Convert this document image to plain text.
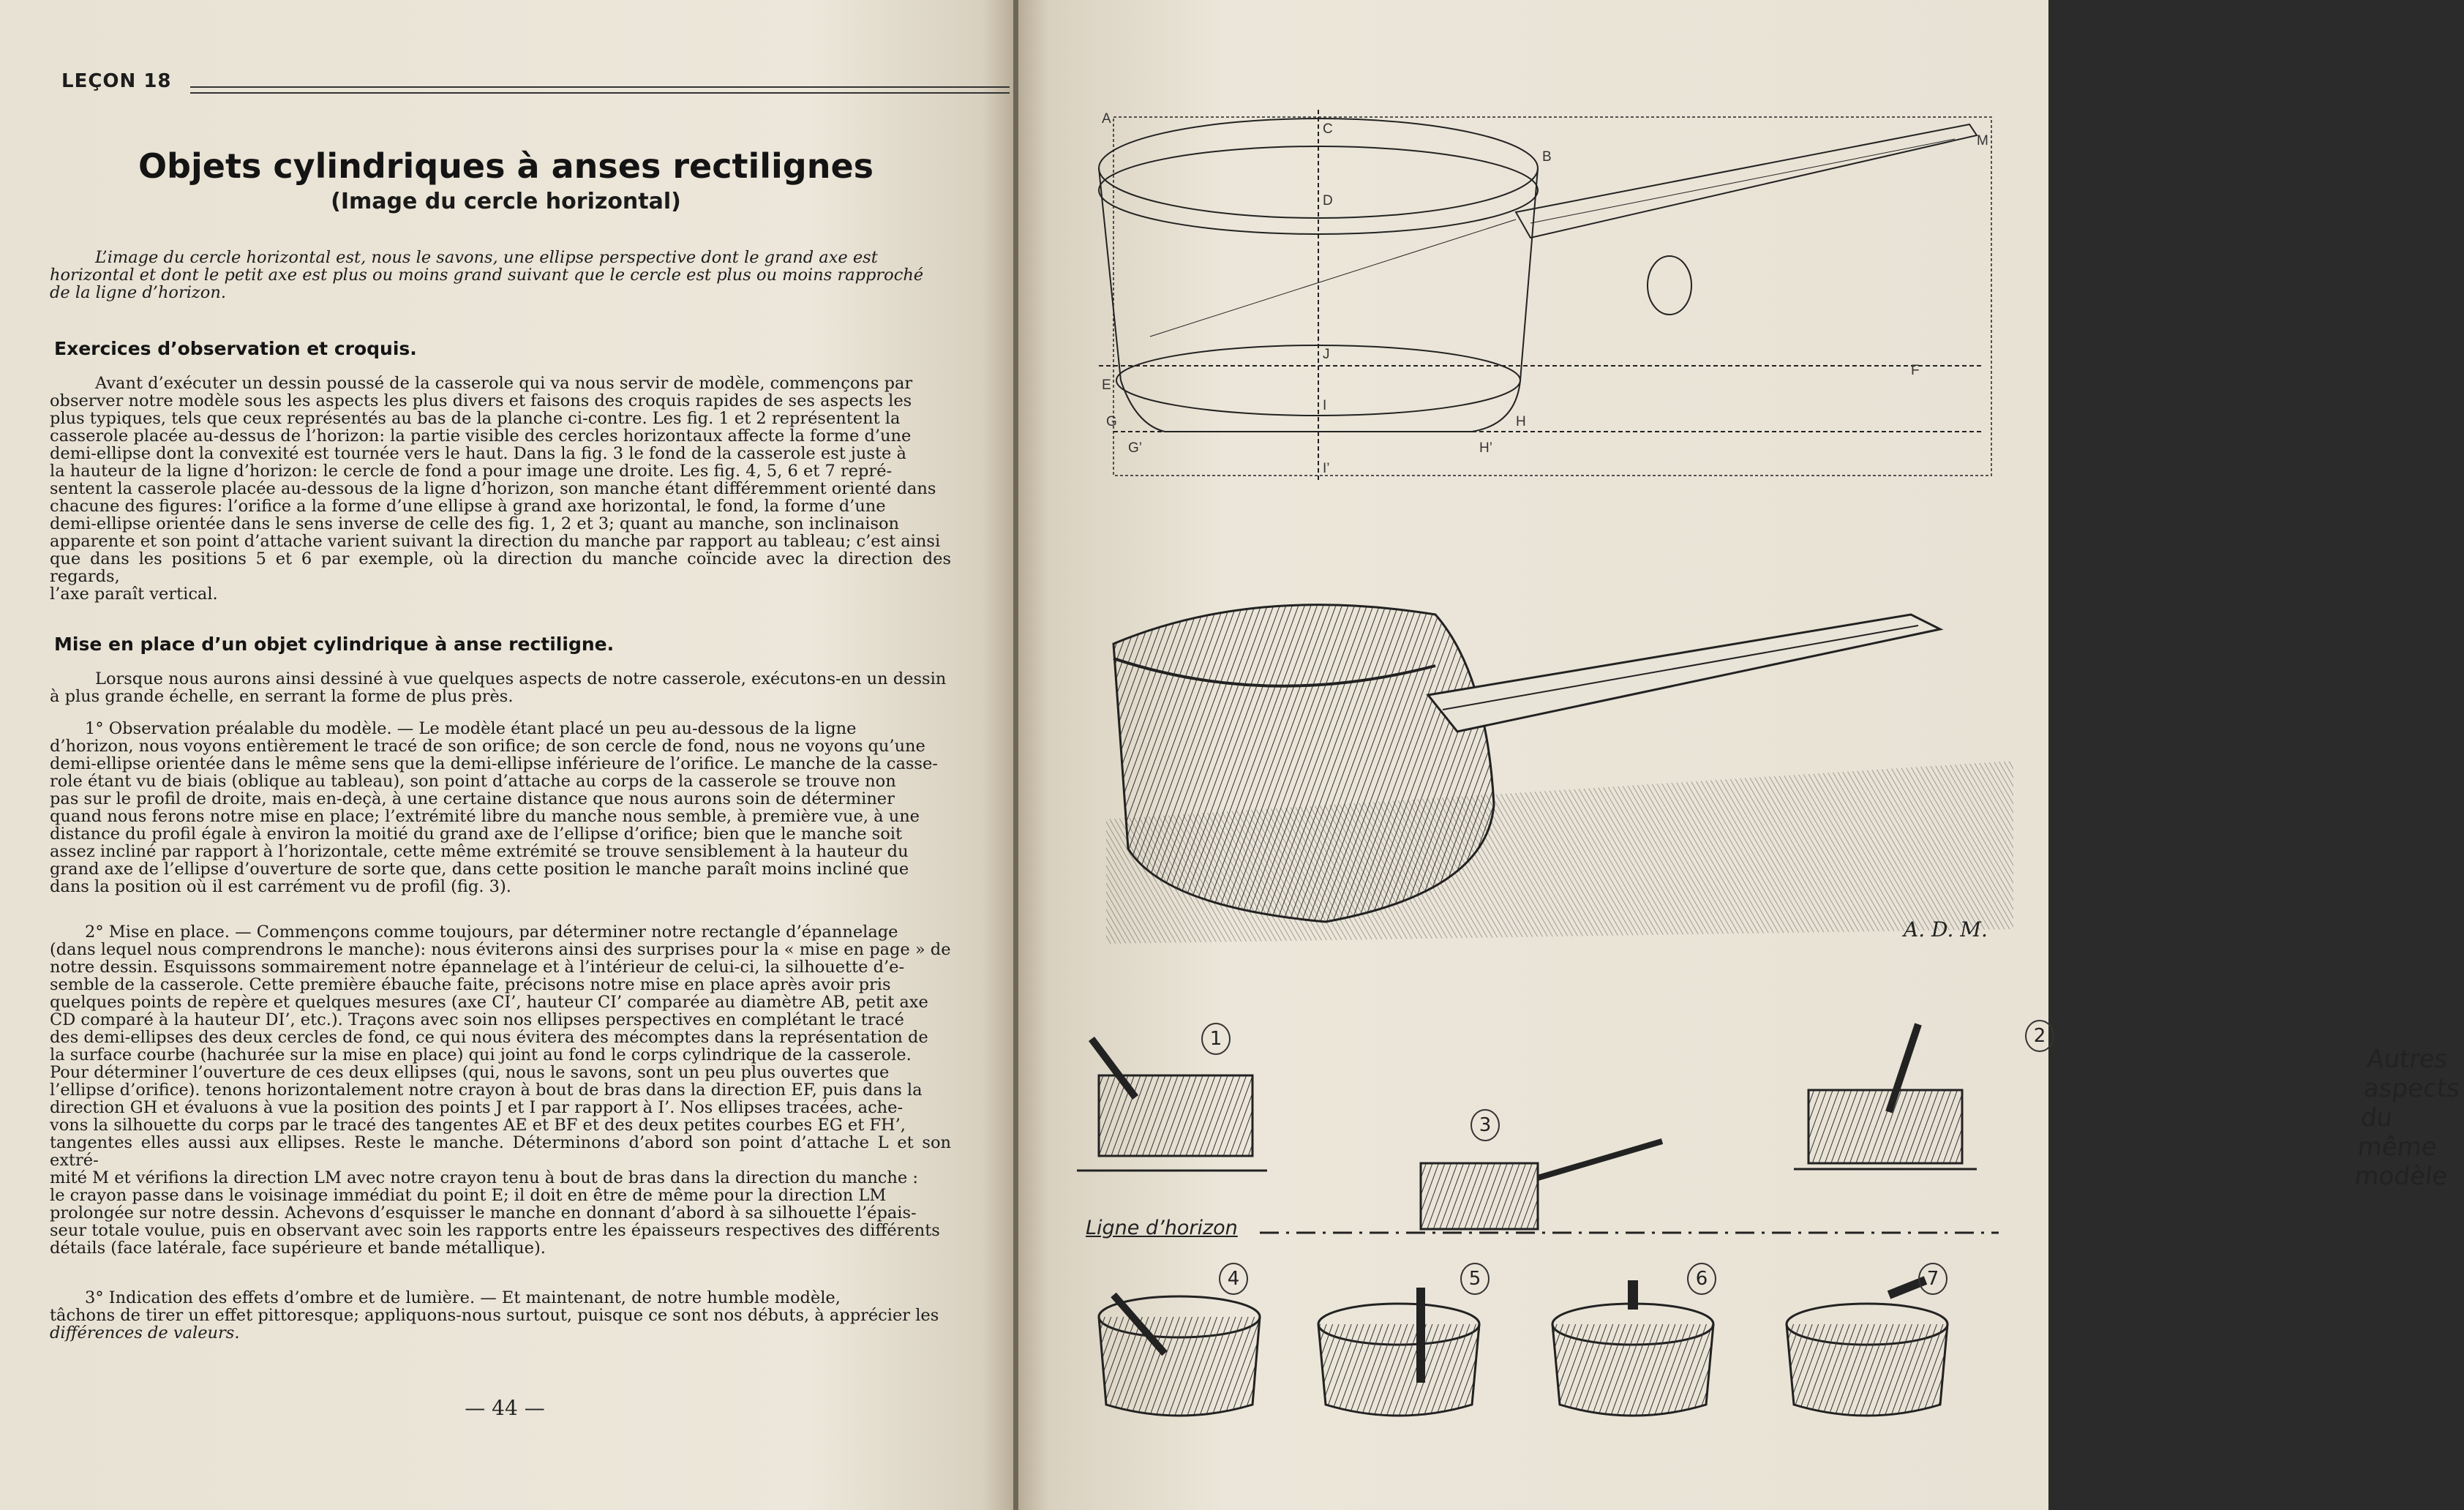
LEÇON 18
Objets cylindriques à anses rectilignes
(Image du cercle horizontal)
L’image du cercle horizontal est, nous le savons, une ellipse perspective dont le grand axe est
horizontal et dont le petit axe est plus ou moins grand suivant que le cercle est plus ou moins rapproché
de la ligne d’horizon.
Exercices d’observation et croquis.
Avant d’exécuter un dessin poussé de la casserole qui va nous servir de modèle, commençons par
observer notre modèle sous les aspects les plus divers et faisons des croquis rapides de ses aspects les
plus typiques, tels que ceux représentés au bas de la planche ci-contre. Les fig. 1 et 2 représentent la
casserole placée au-dessus de l’horizon: la partie visible des cercles horizontaux affecte la forme d’une
demi-ellipse dont la convexité est tournée vers le haut. Dans la fig. 3 le fond de la casserole est juste à
la hauteur de la ligne d’horizon: le cercle de fond a pour image une droite. Les fig. 4, 5, 6 et 7 repré-
sentent la casserole placée au-dessous de la ligne d’horizon, son manche étant différemment orienté dans
chacune des figures: l’orifice a la forme d’une ellipse à grand axe horizontal, le fond, la forme d’une
demi-ellipse orientée dans le sens inverse de celle des fig. 1, 2 et 3; quant au manche, son inclinaison
apparente et son point d’attache varient suivant la direction du manche par rapport au tableau; c’est ainsi
que dans les positions 5 et 6 par exemple, où la direction du manche coïncide avec la direction des regards,
l’axe paraît vertical.
Mise en place d’un objet cylindrique à anse rectiligne.
Lorsque nous aurons ainsi dessiné à vue quelques aspects de notre casserole, exécutons-en un dessin
à plus grande échelle, en serrant la forme de plus près.
1° Observation préalable du modèle. — Le modèle étant placé un peu au-dessous de la ligne
d’horizon, nous voyons entièrement le tracé de son orifice; de son cercle de fond, nous ne voyons qu’une
demi-ellipse orientée dans le même sens que la demi-ellipse inférieure de l’orifice. Le manche de la casse-
role étant vu de biais (oblique au tableau), son point d’attache au corps de la casserole se trouve non
pas sur le profil de droite, mais en-deçà, à une certaine distance que nous aurons soin de déterminer
quand nous ferons notre mise en place; l’extrémité libre du manche nous semble, à première vue, à une
distance du profil égale à environ la moitié du grand axe de l’ellipse d’orifice; bien que le manche soit
assez incliné par rapport à l’horizontale, cette même extrémité se trouve sensiblement à la hauteur du
grand axe de l’ellipse d’ouverture de sorte que, dans cette position le manche paraît moins incliné que
dans la position où il est carrément vu de profil (fig. 3).
2° Mise en place. — Commençons comme toujours, par déterminer notre rectangle d’épannelage
(dans lequel nous comprendrons le manche): nous éviterons ainsi des surprises pour la « mise en page » de
notre dessin. Esquissons sommairement notre épannelage et à l’intérieur de celui-ci, la silhouette d’e-
semble de la casserole. Cette première ébauche faite, précisons notre mise en place après avoir pris
quelques points de repère et quelques mesures (axe CI’, hauteur CI’ comparée au diamètre AB, petit axe
CD comparé à la hauteur DI’, etc.). Traçons avec soin nos ellipses perspectives en complétant le tracé
des demi-ellipses des deux cercles de fond, ce qui nous évitera des mécomptes dans la représentation de
la surface courbe (hachurée sur la mise en place) qui joint au fond le corps cylindrique de la casserole.
Pour déterminer l’ouverture de ces deux ellipses (qui, nous le savons, sont un peu plus ouvertes que
l’ellipse d’orifice). tenons horizontalement notre crayon à bout de bras dans la direction EF, puis dans la
direction GH et évaluons à vue la position des points J et I par rapport à I’. Nos ellipses tracées, ache-
vons la silhouette du corps par le tracé des tangentes AE et BF et des deux petites courbes EG et FH’,
tangentes elles aussi aux ellipses. Reste le manche. Déterminons d’abord son point d’attache L et son extré-
mité M et vérifions la direction LM avec notre crayon tenu à bout de bras dans la direction du manche :
le crayon passe dans le voisinage immédiat du point E; il doit en être de même pour la direction LM
prolongée sur notre dessin. Achevons d’esquisser le manche en donnant d’abord à sa silhouette l’épais-
seur totale voulue, puis en observant avec soin les rapports entre les épaisseurs respectives des différents
détails (face latérale, face supérieure et bande métallique).
3° Indication des effets d’ombre et de lumière. — Et maintenant, de notre humble modèle,
tâchons de tirer un effet pittoresque; appliquons-nous surtout, puisque ce sont nos débuts, à apprécier les
différences de valeurs.
— 44 —
A
C
B
M
D
J
E
F
I
G	H
G’	H’
I’
A. D. M.
Autres aspects du même modèle
1	2
3
Ligne d’horizon
4	5	6	7
